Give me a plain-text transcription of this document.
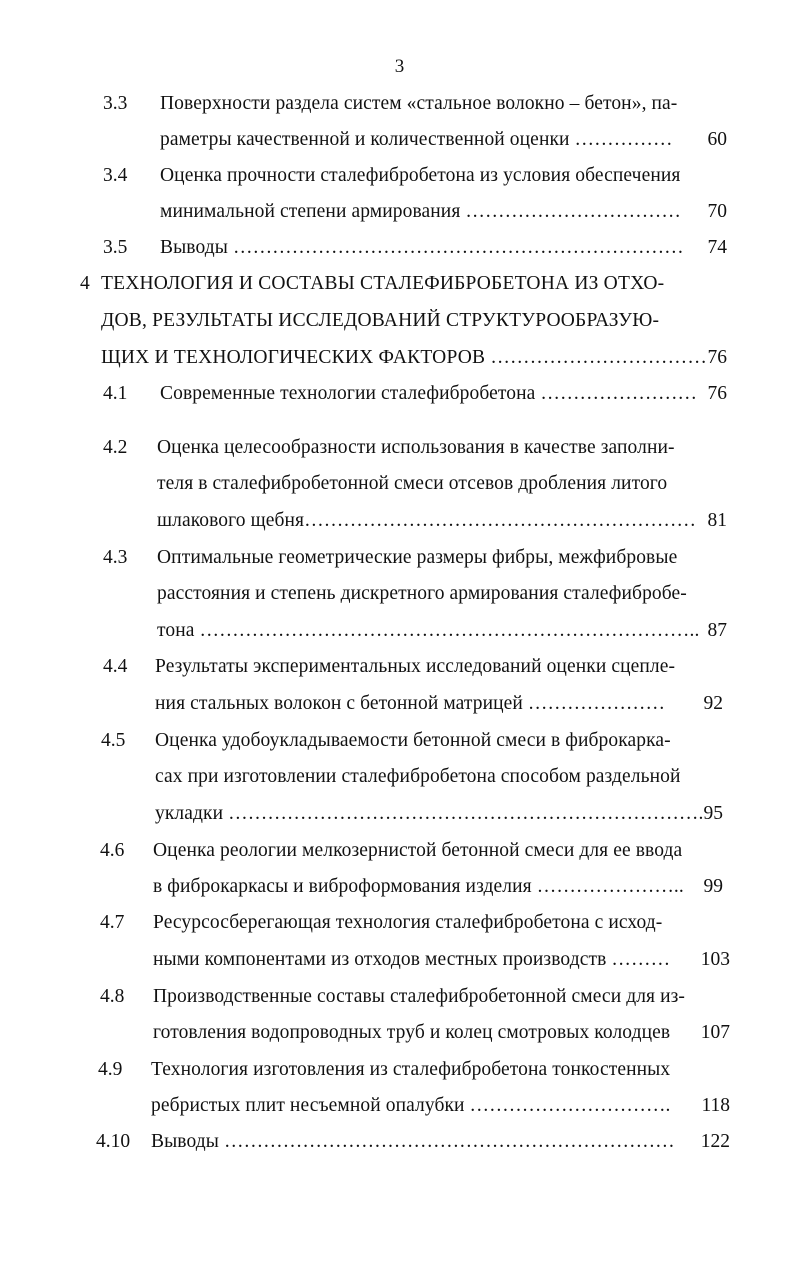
3
3.3 Поверхности раздела систем «стальное волокно – бетон», па-
раметры качественной и количественной оценки ……………	60
3.4 Оценка прочности сталефибробетона из условия обеспечения
минимальной степени армирования ……………………………	70
3.5 Выводы ……………………………………………………………	74
4 ТЕХНОЛОГИЯ И СОСТАВЫ СТАЛЕФИБРОБЕТОНА ИЗ ОТХО-
ДОВ, РЕЗУЛЬТАТЫ ИССЛЕДОВАНИЙ СТРУКТУРООБРАЗУЮ-
ЩИХ И ТЕХНОЛОГИЧЕСКИХ ФАКТОРОВ …………………………… 76
4.1 Современные технологии сталефибробетона …………………… 76
4.2 Оценка целесообразности использования в качестве заполни-
теля в сталефибробетонной смеси отсевов дробления литого
шлакового щебня…………………………………………………… 81
4.3 Оптимальные геометрические размеры фибры, межфибровые
расстояния и степень дискретного армирования сталефибробе-
тона ………………………………………………………………….. 87
4.4 Результаты экспериментальных исследований оценки сцепле-
ния стальных волокон с бетонной матрицей …………………	92
4.5 Оценка удобоукладываемости бетонной смеси в фиброкарка-
сах при изготовлении сталефибробетона способом раздельной
укладки ………………………………………………………………. 95
4.6 Оценка реологии мелкозернистой бетонной смеси для ее ввода
в фиброкаркасы и виброформования изделия …………………..	99
4.7 Ресурсосберегающая технология сталефибробетона с исход-
ными компонентами из отходов местных производств ………	103
4.8 Производственные составы сталефибробетонной смеси для из-
готовления водопроводных труб и колец смотровых колодцев	107
4.9 Технология изготовления из сталефибробетона тонкостенных
ребристых плит несъемной опалубки ………………………….	118
4.10 Выводы ……………………………………………………………	122
